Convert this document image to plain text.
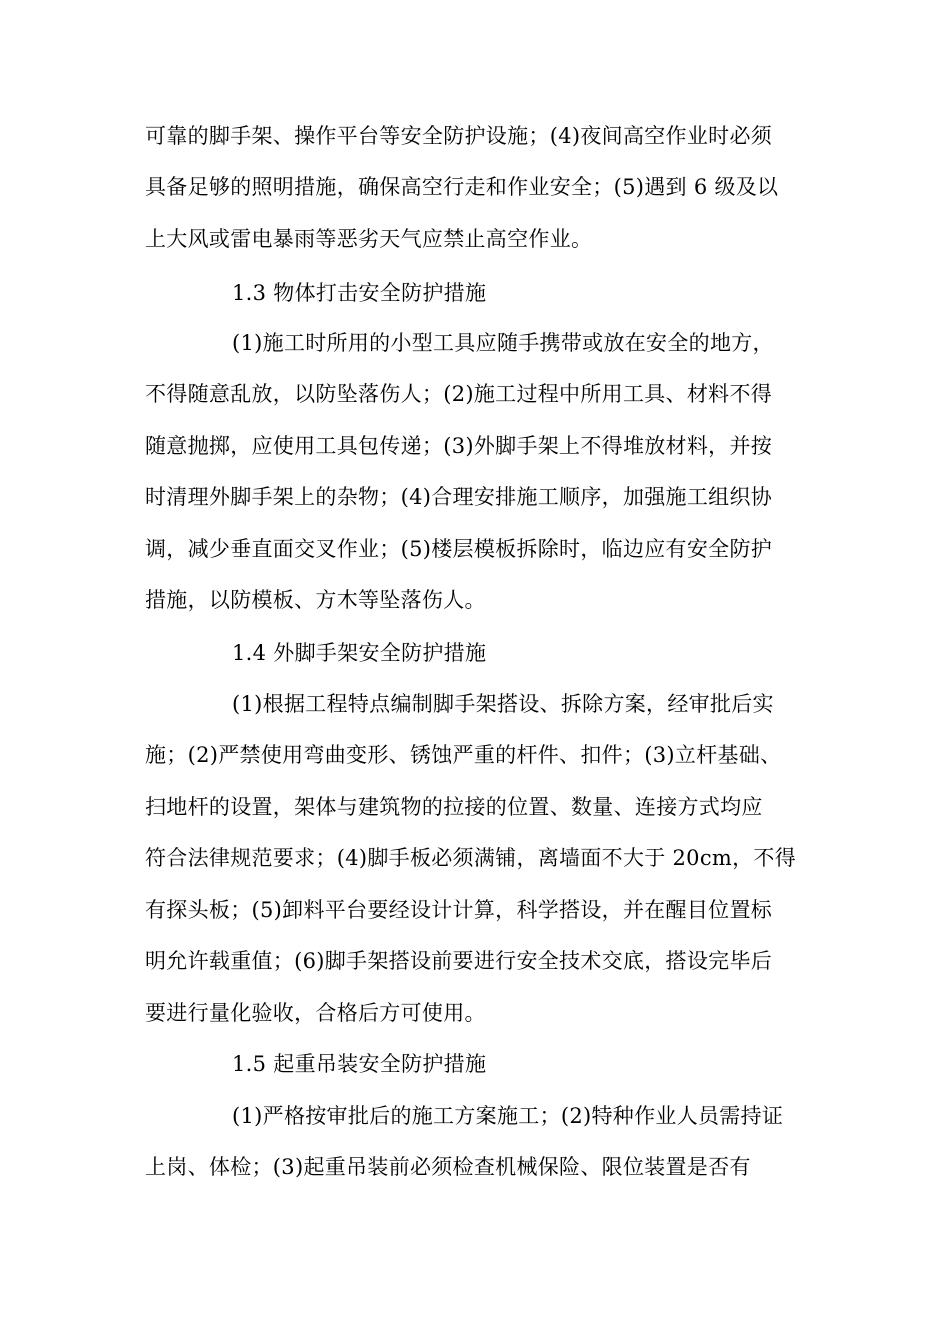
可靠的脚手架、操作平台等安全防护设施；(4)夜间高空作业时必须
具备足够的照明措施，确保高空行走和作业安全；(5)遇到 6 级及以
上大风或雷电暴雨等恶劣天气应禁止高空作业。
1.3 物体打击安全防护措施
(1)施工时所用的小型工具应随手携带或放在安全的地方，
不得随意乱放，以防坠落伤人；(2)施工过程中所用工具、材料不得
随意抛掷，应使用工具包传递；(3)外脚手架上不得堆放材料，并按
时清理外脚手架上的杂物；(4)合理安排施工顺序，加强施工组织协
调，减少垂直面交叉作业；(5)楼层模板拆除时，临边应有安全防护
措施，以防模板、方木等坠落伤人。
1.4 外脚手架安全防护措施
(1)根据工程特点编制脚手架搭设、拆除方案，经审批后实
施；(2)严禁使用弯曲变形、锈蚀严重的杆件、扣件；(3)立杆基础、
扫地杆的设置，架体与建筑物的拉接的位置、数量、连接方式均应
符合法律规范要求；(4)脚手板必须满铺，离墙面不大于 20cm，不得
有探头板；(5)卸料平台要经设计计算，科学搭设，并在醒目位置标
明允许载重值；(6)脚手架搭设前要进行安全技术交底，搭设完毕后
要进行量化验收，合格后方可使用。
1.5 起重吊装安全防护措施
(1)严格按审批后的施工方案施工；(2)特种作业人员需持证
上岗、体检；(3)起重吊装前必须检查机械保险、限位装置是否有
